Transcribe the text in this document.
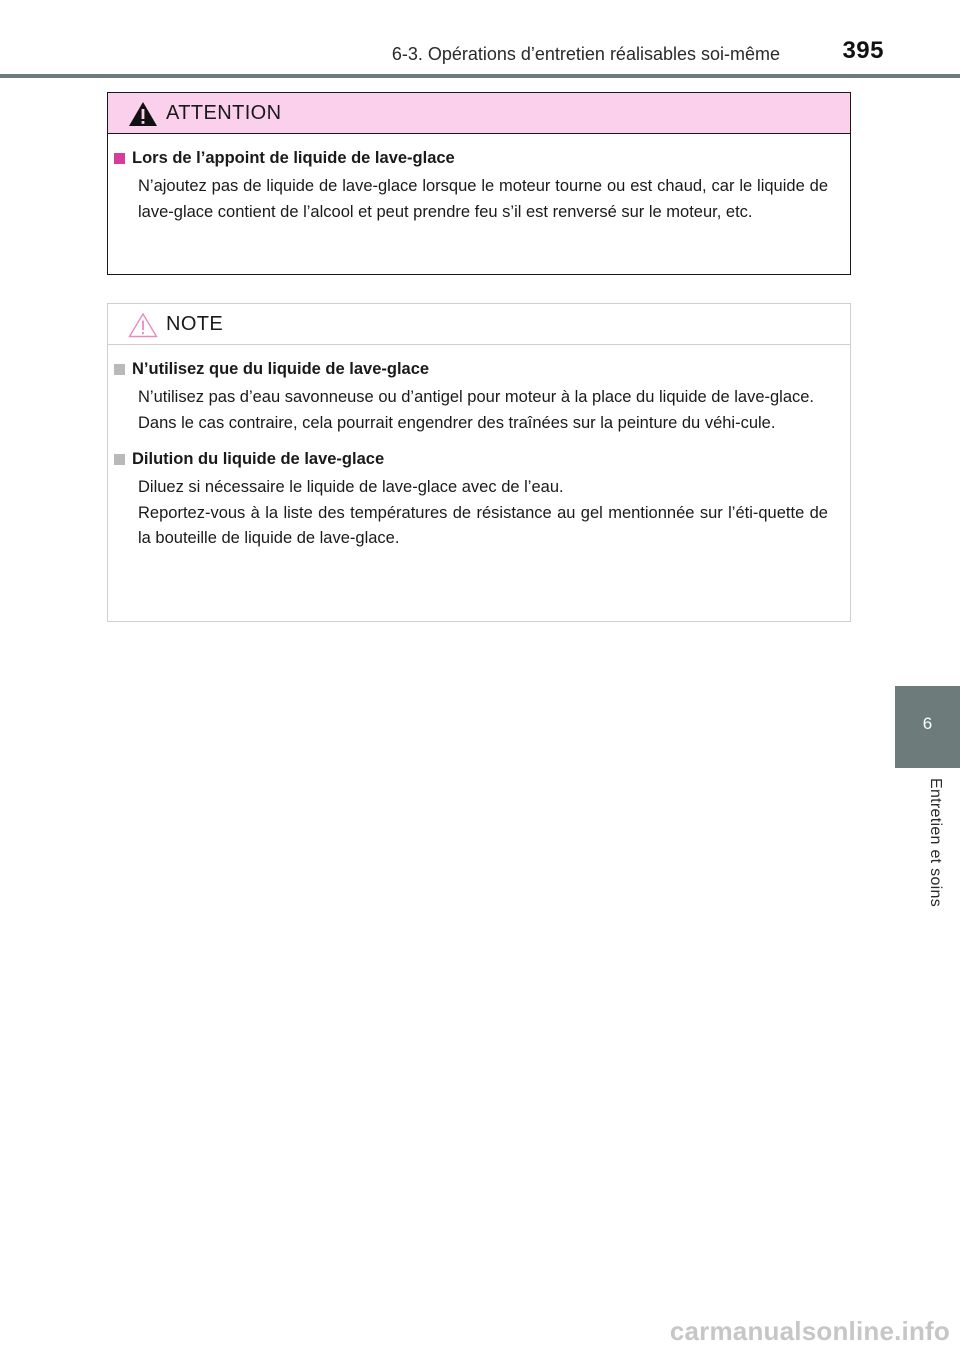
6-3. Opérations d’entretien réalisables soi-même	395
6
Entretien et soins
ATTENTION
Lors de l’appoint de liquide de lave-glace

N’ajoutez pas de liquide de lave-glace lorsque le moteur tourne ou est chaud, car le liquide de lave-glace contient de l’alcool et peut prendre feu s’il est renversé sur le moteur, etc.

NOTE
N’utilisez que du liquide de lave-glace

N’utilisez pas d’eau savonneuse ou d’antigel pour moteur à la place du liquide de lave-glace.

Dans le cas contraire, cela pourrait engendrer des traînées sur la peinture du véhi-cule.

Dilution du liquide de lave-glace

Diluez si nécessaire le liquide de lave-glace avec de l’eau.

Reportez-vous à la liste des températures de résistance au gel mentionnée sur l’éti-quette de la bouteille de liquide de lave-glace.

carmanualsonline.info
